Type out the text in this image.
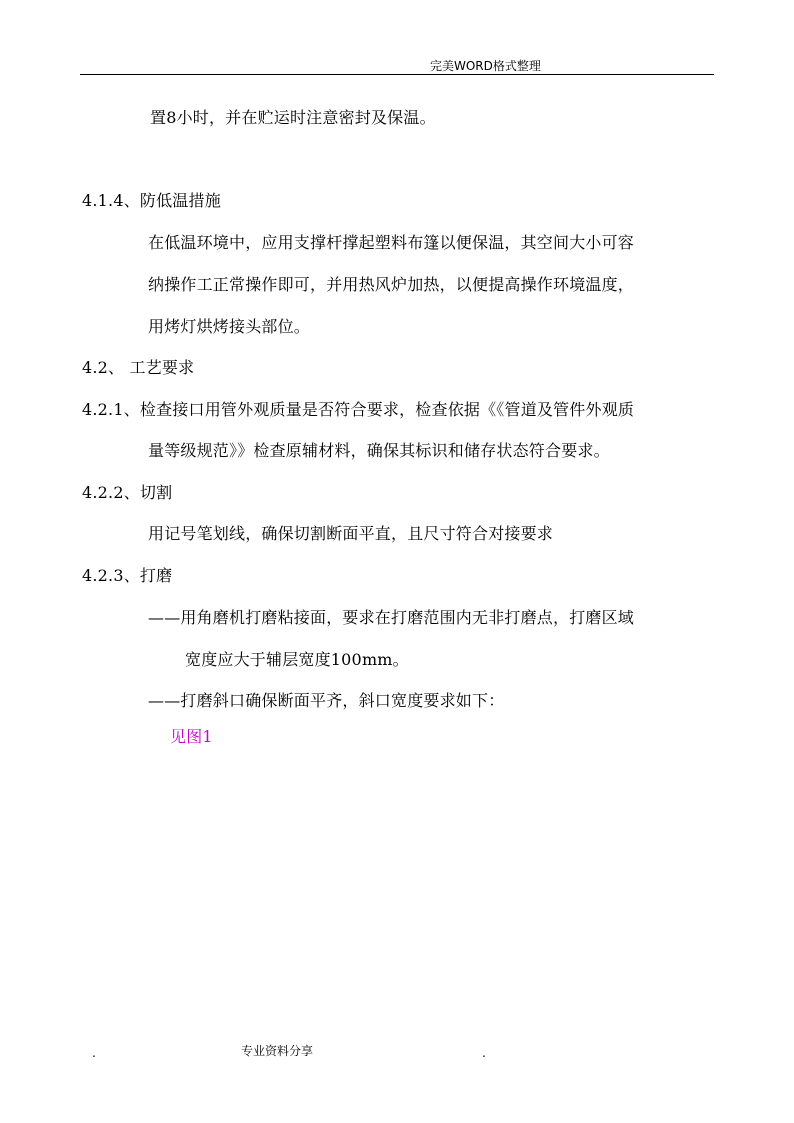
完美WORD格式整理
置8小时，并在贮运时注意密封及保温。
4.1.4、防低温措施
在低温环境中，应用支撑杆撑起塑料布篷以便保温，其空间大小可容
纳操作工正常操作即可，并用热风炉加热，以便提高操作环境温度，
用烤灯烘烤接头部位。
4.2、 工艺要求
4.2.1、检查接口用管外观质量是否符合要求，检查依据《《管道及管件外观质
量等级规范》》检查原辅材料，确保其标识和储存状态符合要求。
4.2.2、切割
用记号笔划线，确保切割断面平直，且尺寸符合对接要求
4.2.3、打磨
——用角磨机打磨粘接面，要求在打磨范围内无非打磨点，打磨区域
宽度应大于辅层宽度100mm。
——打磨斜口确保断面平齐，斜口宽度要求如下：
见图1
.	专业资料分享	.
